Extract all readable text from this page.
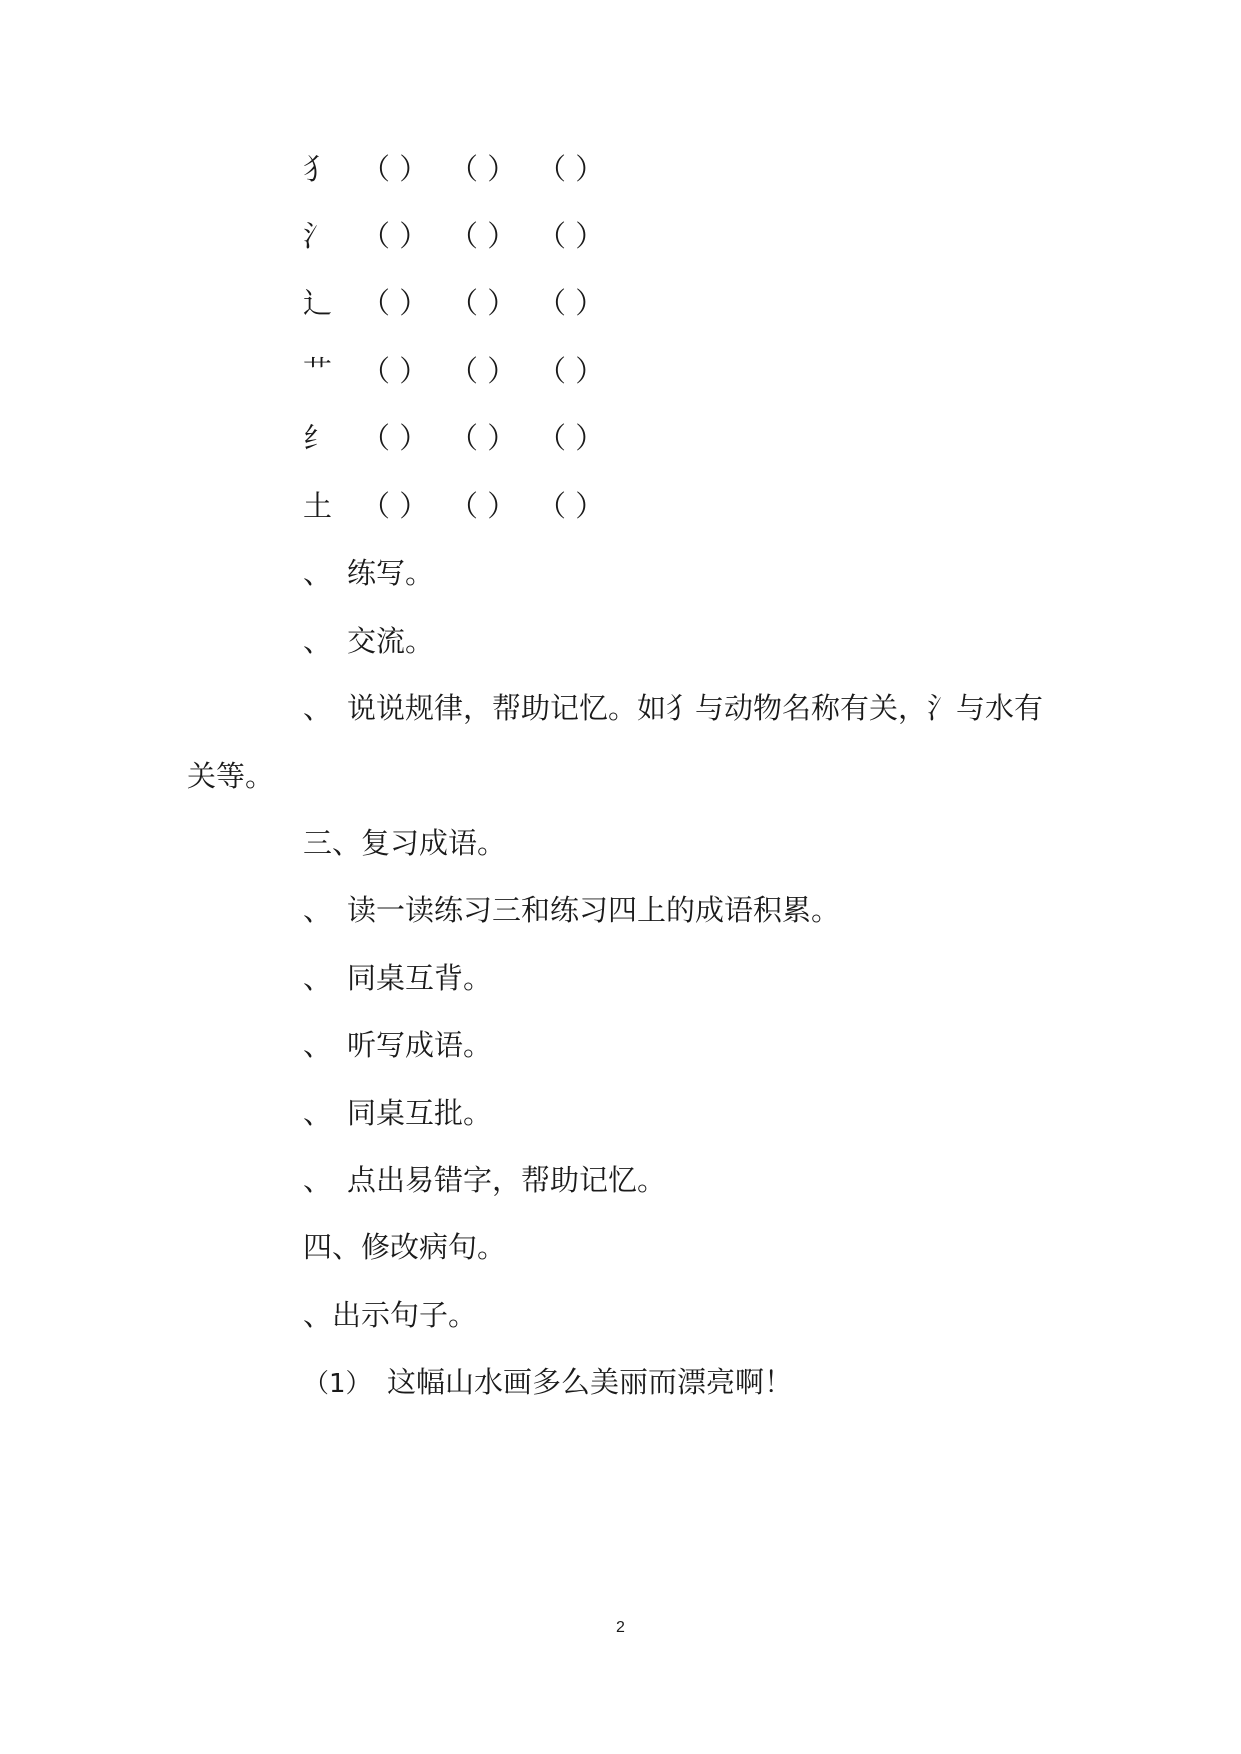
犭 （ ） （ ） （ ）
氵 （ ） （ ） （ ）
辶 （ ） （ ） （ ）
艹 （ ） （ ） （ ）
纟 （ ） （ ） （ ）
土 （ ） （ ） （ ）
、 练写。
、 交流。
、 说说规律，帮助记忆。如犭与动物名称有关，氵与水有
关等。
三、复习成语。
、 读一读练习三和练习四上的成语积累。
、 同桌互背。
、 听写成语。
、 同桌互批。
、 点出易错字，帮助记忆。
四、修改病句。
、出示句子。
（1） 这幅山水画多么美丽而漂亮啊！
2
